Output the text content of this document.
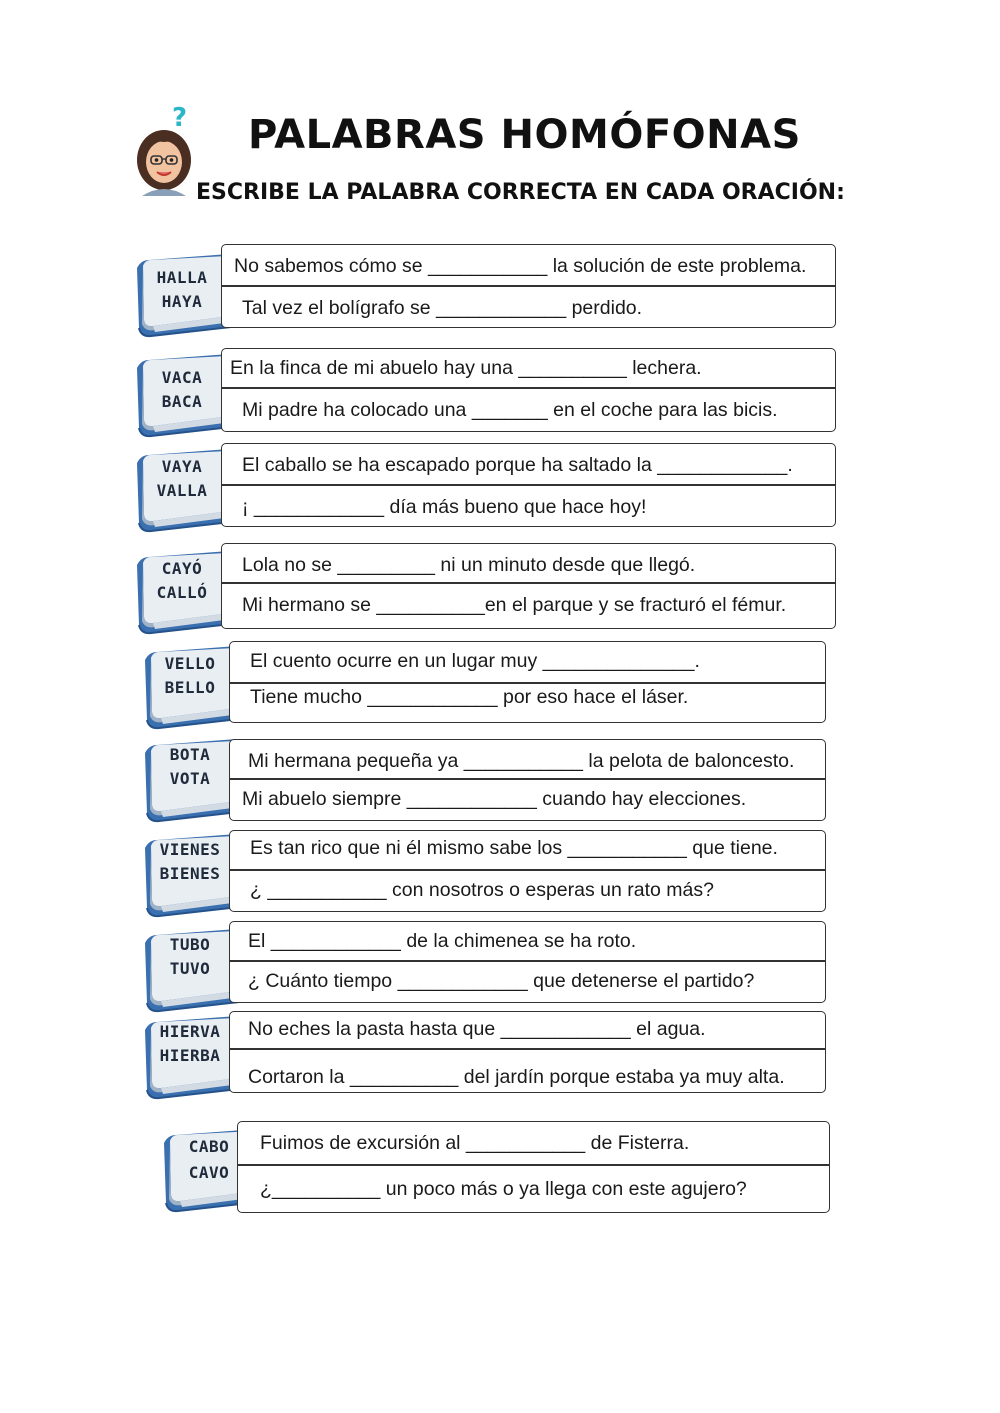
? PALABRAS HOMÓFONAS
ESCRIBE LA PALABRA CORRECTA EN CADA ORACIÓN:
HALLA
HAYA
No sabemos cómo se ___________ la solución de este problema.
Tal vez el bolígrafo se ____________ perdido.
VACA
BACA
En la finca de mi abuelo hay una __________ lechera.
Mi padre ha colocado una _______ en el coche para las bicis.
VAYA
VALLA
El caballo se ha escapado porque ha saltado la ____________.
¡ ____________ día más bueno que hace hoy!
CAYÓ
CALLÓ
Lola no se _________ ni un minuto desde que llegó.
Mi hermano se __________en el parque y se fracturó el fémur.
VELLO
BELLO
El cuento ocurre en un lugar muy ______________.
Tiene mucho ____________ por eso hace el láser.
BOTA
VOTA
Mi hermana pequeña ya ___________ la pelota de baloncesto.
Mi abuelo siempre ____________ cuando hay elecciones.
VIENES
BIENES
Es tan rico que ni él mismo sabe los ___________ que tiene.
¿ ___________ con nosotros o esperas un rato más?
TUBO
TUVO
El ____________ de la chimenea se ha roto.
¿ Cuánto tiempo ____________ que detenerse el partido?
HIERVA
HIERBA
No eches la pasta hasta que ____________ el agua.
Cortaron la __________ del jardín porque estaba ya muy alta.
CABO
CAVO
Fuimos de excursión al ___________ de Fisterra.
¿__________ un poco más o ya llega con este agujero?
